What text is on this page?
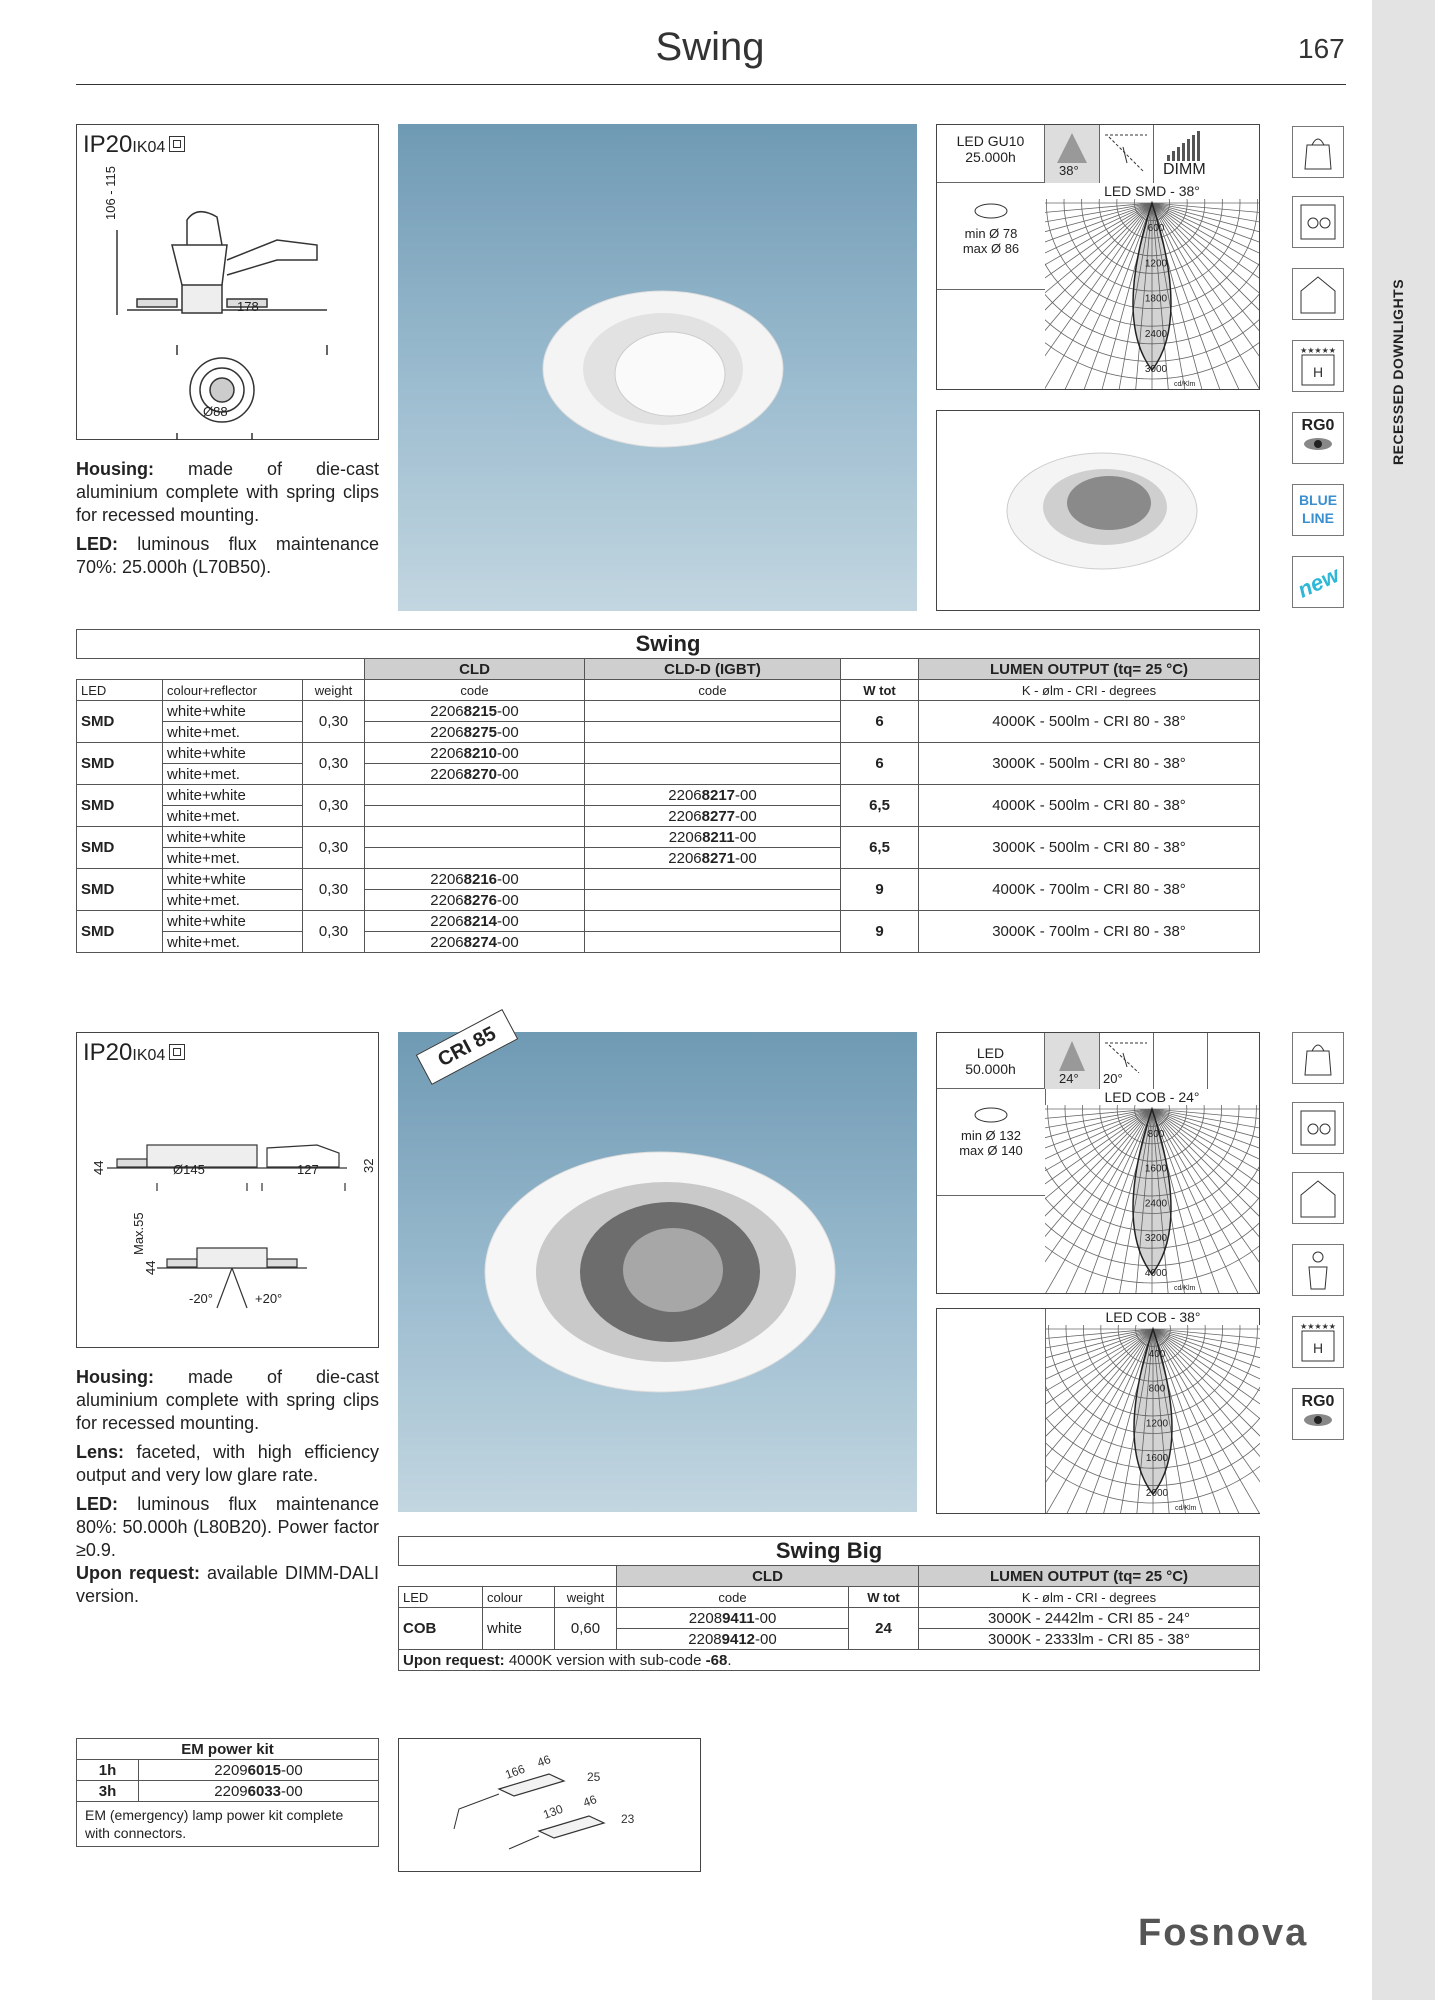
Swing	167
RECESSED DOWNLIGHTS
IP20IK04
106 - 115
178
Ø88

Housing: made of die-cast aluminium complete with spring clips for recessed mounting.

LED: luminous flux maintenance 70%: 25.000h (L70B50).

LED GU10
25.000h
38°	DIMM
min Ø 78
max Ø 86
LED SMD - 38°
600
1200
1800
2400
3000
cd/Klm
★★★★★
H
RG0
BLUE
LINE
new
Swing						
			CLD	CLD-D (IGBT)		LUMEN OUTPUT (tq= 25 °C)
LED	colour+reflector	weight	code	code	W tot	K - ølm - CRI - degrees
SMD	white+white	0,30	22068215-00		6	4000K - 500lm - CRI 80 - 38°
	white+met.		22068275-00			
SMD	white+white	0,30	22068210-00		6	3000K - 500lm - CRI 80 - 38°
	white+met.		22068270-00			
SMD	white+white	0,30		22068217-00	6,5	4000K - 500lm - CRI 80 - 38°
	white+met.			22068277-00		
SMD	white+white	0,30		22068211-00	6,5	3000K - 500lm - CRI 80 - 38°
	white+met.			22068271-00		
SMD	white+white	0,30	22068216-00		9	4000K - 700lm - CRI 80 - 38°
	white+met.		22068276-00			
SMD	white+white	0,30	22068214-00		9	3000K - 700lm - CRI 80 - 38°
	white+met.		22068274-00			
IP20IK04
44	32
Ø145	127
Max.55
44
-20°	+20°

Housing: made of die-cast aluminium complete with spring clips for recessed mounting.

Lens: faceted, with high efficiency output and very low glare rate.

LED: luminous flux maintenance 80%: 50.000h (L80B20). Power factor ≥0.9.

Upon request: available DIMM-DALI version.

CRI 85	LED
50.000h
24° 20°
min Ø 132
max Ø 140
LED COB - 24°
800
1600
2400
3200
4000
cd/Klm
LED COB - 38°
400
800
1200
1600
2000
cd/Klm
★★★★★
H
RG0
Swing Big					
			CLD		LUMEN OUTPUT (tq= 25 °C)
LED	colour	weight	code	W tot	K - ølm - CRI - degrees
COB	white	0,60	22089411-00	24	3000K - 2442lm - CRI 85 - 24°
			22089412-00		3000K - 2333lm - CRI 85 - 38°
Upon request: 4000K version with sub-code -68.					
EM power kit	
1h	22096015-00
3h	22096033-00
EM (emergency) lamp power kit complete with connectors.	
166
46
25
130
46
23
Fosnova
